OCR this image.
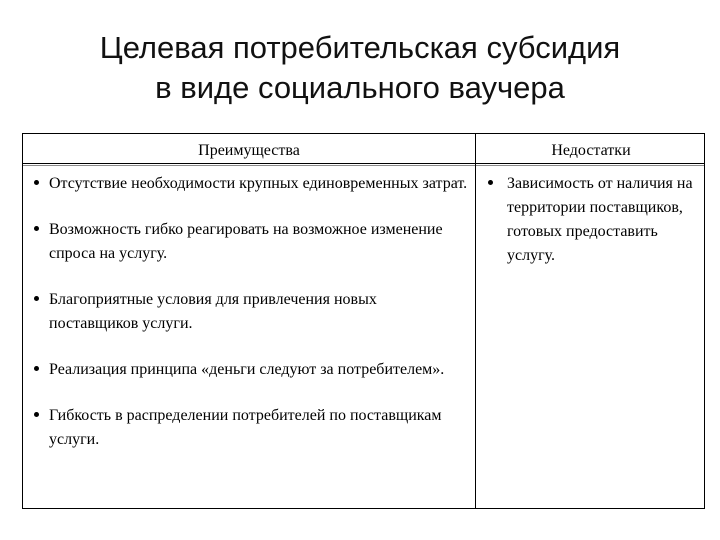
Целевая потребительская субсидия
в виде социального ваучера
Преимущества	Недостатки
Отсутствие необходимости крупных единовременных затрат.
Возможность гибко реагировать на возможное изменение спроса на услугу.
Благоприятные условия для привлечения новых поставщиков услуги.
Реализация принципа «деньги следуют за потребителем».
Гибкость в распределении потребителей по поставщикам услуги.
Зависимость от наличия на территории поставщиков, готовых предоставить услугу.
